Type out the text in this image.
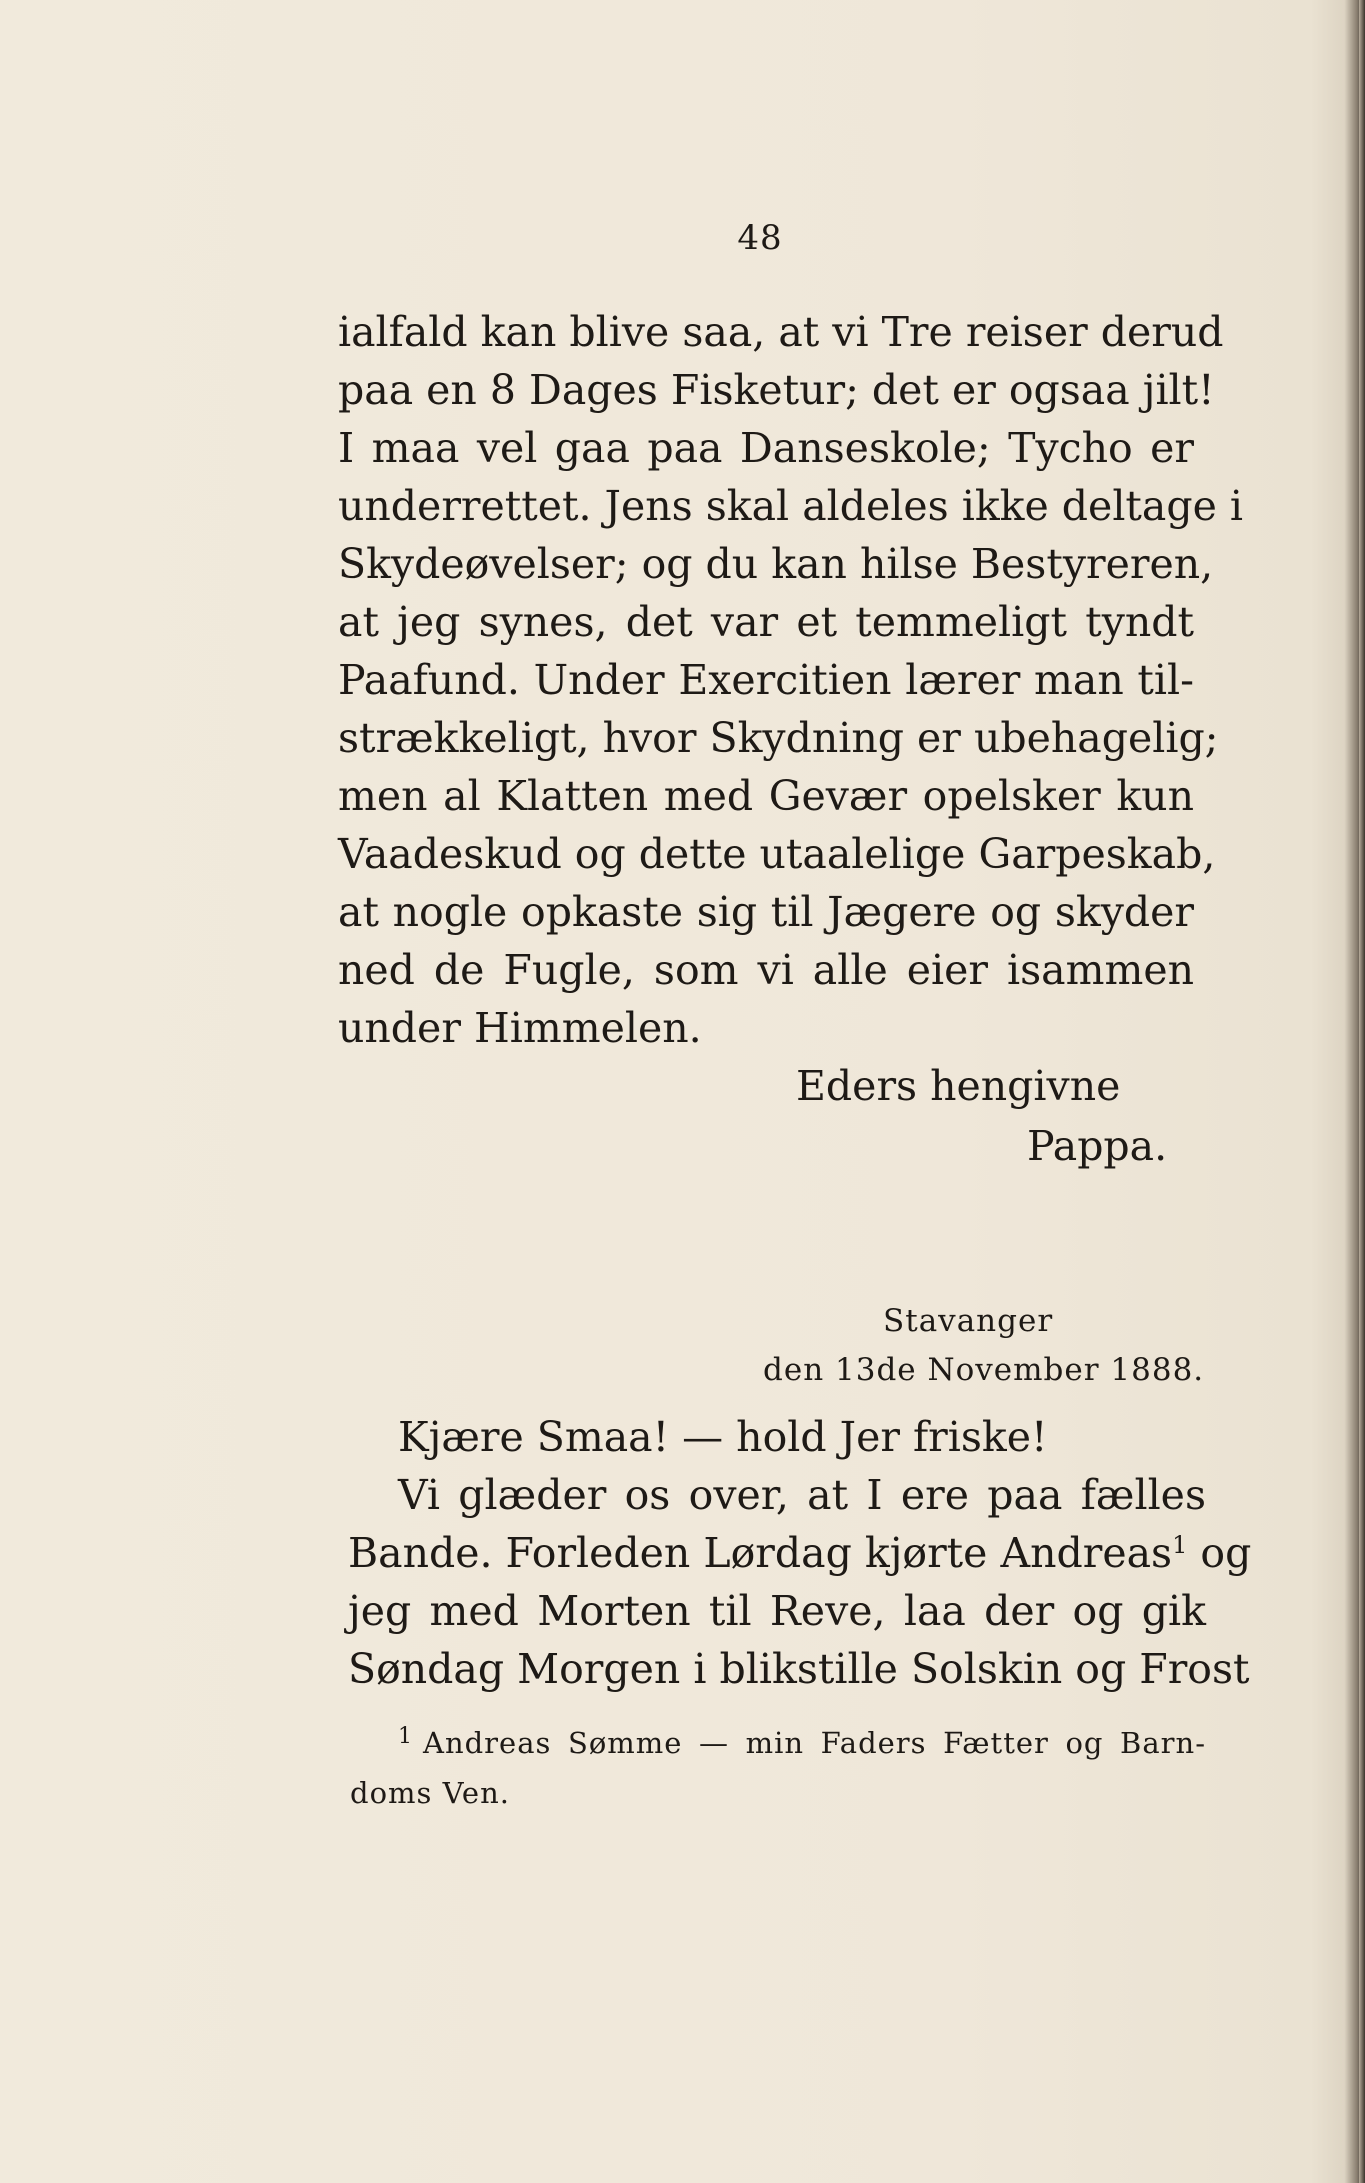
48
ialfald kan blive saa, at vi Tre reiser derud
paa en 8 Dages Fisketur; det er ogsaa jilt!
I maa vel gaa paa Danseskole; Tycho er
underrettet. Jens skal aldeles ikke deltage i
Skydeøvelser; og du kan hilse Bestyreren,
at jeg synes, det var et temmeligt tyndt
Paafund. Under Exercitien lærer man til-
strækkeligt, hvor Skydning er ubehagelig;
men al Klatten med Gevær opelsker kun
Vaadeskud og dette utaalelige Garpeskab,
at nogle opkaste sig til Jægere og skyder
ned de Fugle, som vi alle eier isammen
under Himmelen.
Eders hengivne
Pappa.
Stavanger
den 13de November 1888.
Kjære Smaa! — hold Jer friske!
Vi glæder os over, at I ere paa fælles
Bande. Forleden Lørdag kjørte Andreas$^1$ og
jeg med Morten til Reve, laa der og gik
Søndag Morgen i blikstille Solskin og Frost
$^1$ Andreas Sømme — min Faders Fætter og Barn-
doms Ven.
